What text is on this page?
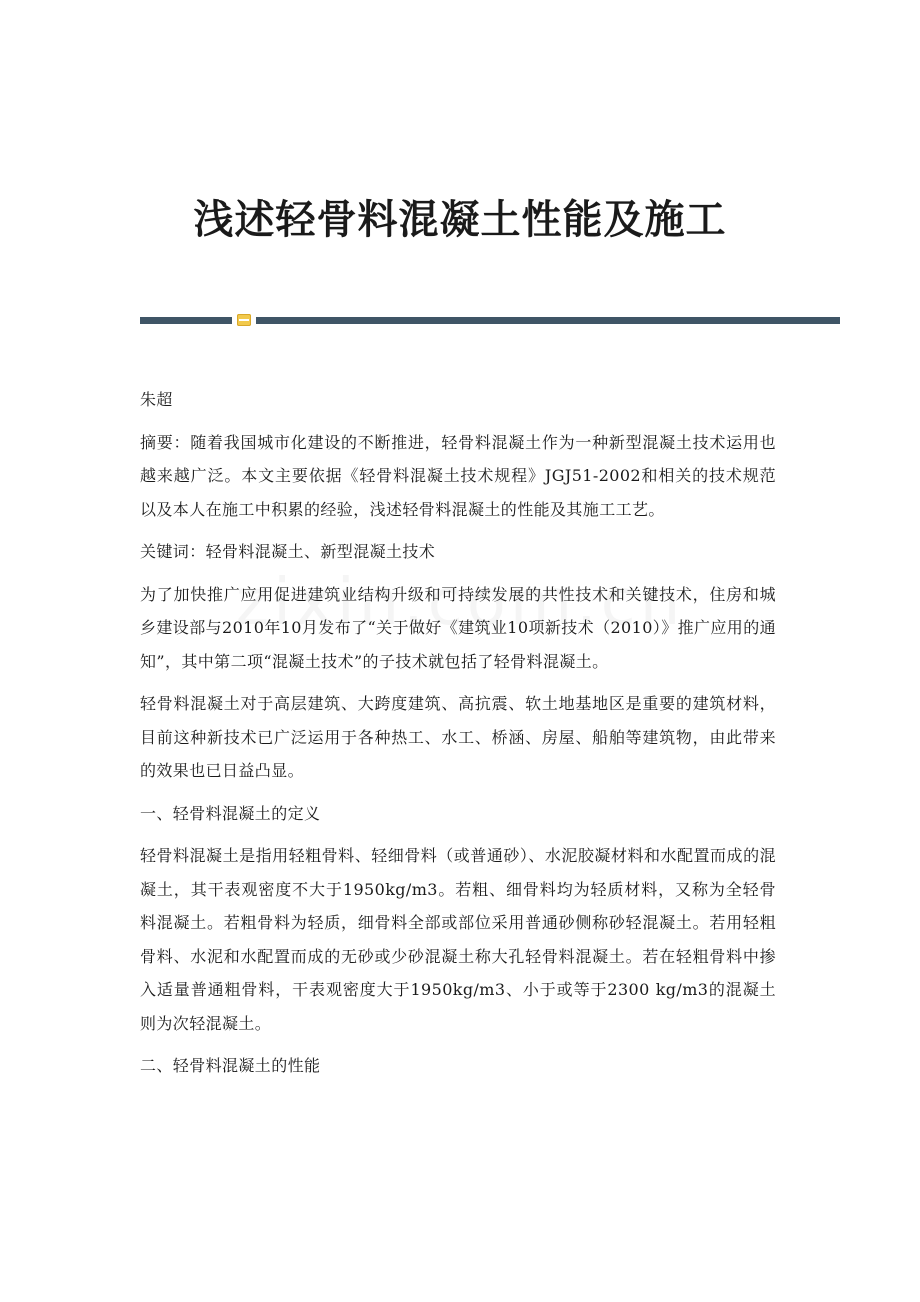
浅述轻骨料混凝土性能及施工

朱超

摘要：随着我国城市化建设的不断推进，轻骨料混凝土作为一种新型混凝土技术运用也越来越广泛。本文主要依据《轻骨料混凝土技术规程》JGJ51-2002和相关的技术规范以及本人在施工中积累的经验，浅述轻骨料混凝土的性能及其施工工艺。

关键词：轻骨料混凝土、新型混凝土技术

为了加快推广应用促进建筑业结构升级和可持续发展的共性技术和关键技术，住房和城乡建设部与2010年10月发布了“关于做好《建筑业10项新技术（2010）》推广应用的通知”，其中第二项“混凝土技术”的子技术就包括了轻骨料混凝土。

轻骨料混凝土对于高层建筑、大跨度建筑、高抗震、软土地基地区是重要的建筑材料，目前这种新技术已广泛运用于各种热工、水工、桥涵、房屋、船舶等建筑物，由此带来的效果也已日益凸显。

一、轻骨料混凝土的定义

轻骨料混凝土是指用轻粗骨料、轻细骨料（或普通砂）、水泥胶凝材料和水配置而成的混凝土，其干表观密度不大于1950kg/m3。若粗、细骨料均为轻质材料，又称为全轻骨料混凝土。若粗骨料为轻质，细骨料全部或部位采用普通砂侧称砂轻混凝土。若用轻粗骨料、水泥和水配置而成的无砂或少砂混凝土称大孔轻骨料混凝土。若在轻粗骨料中掺入适量普通粗骨料，干表观密度大于1950kg/m3、小于或等于2300 kg/m3的混凝土则为次轻混凝土。

二、轻骨料混凝土的性能
